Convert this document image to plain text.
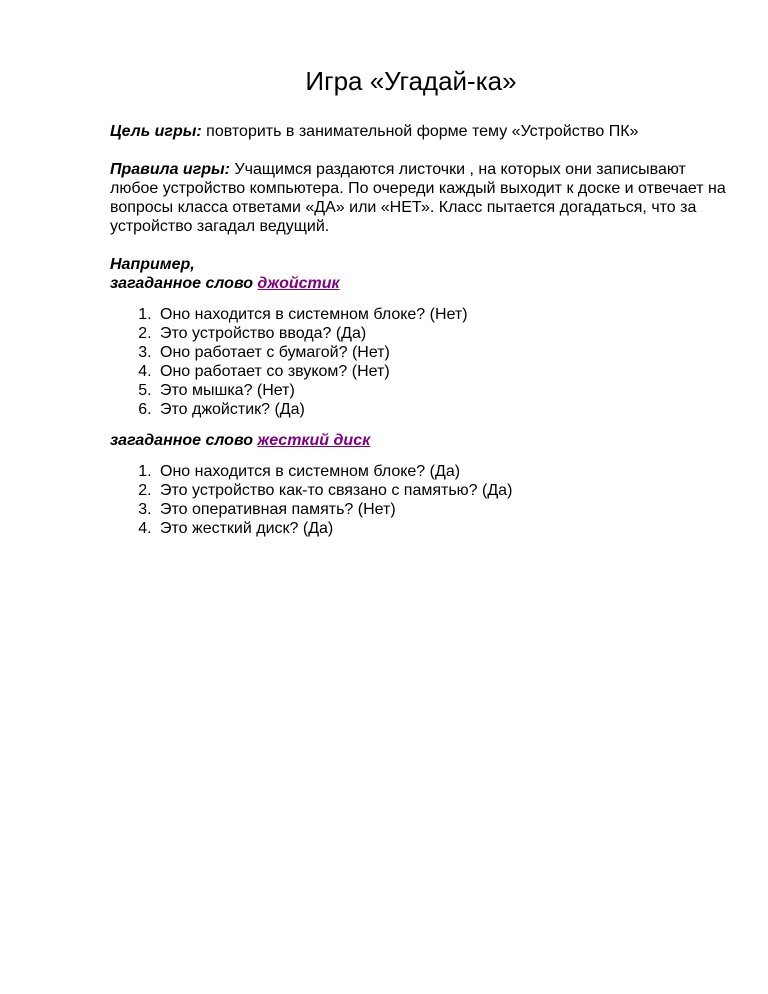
Игра «Угадай-ка»

Цель игры: повторить в занимательной форме тему «Устройство ПК»

Правила игры: Учащимся раздаются листочки , на которых они записывают любое устройство компьютера. По очереди каждый выходит к доске и отвечает на вопросы класса ответами «ДА» или «НЕТ». Класс пытается догадаться, что за устройство загадал ведущий.

Например,

загаданное слово джойстик

1. Оно находится в системном блоке? (Нет)
2. Это устройство ввода? (Да)
3. Оно работает с бумагой? (Нет)
4. Оно работает со звуком? (Нет)
5. Это мышка? (Нет)
6. Это джойстик? (Да)

загаданное слово жесткий диск

1. Оно находится в системном блоке? (Да)
2. Это устройство как-то связано с памятью? (Да)
3. Это оперативная память? (Нет)
4. Это жесткий диск? (Да)
